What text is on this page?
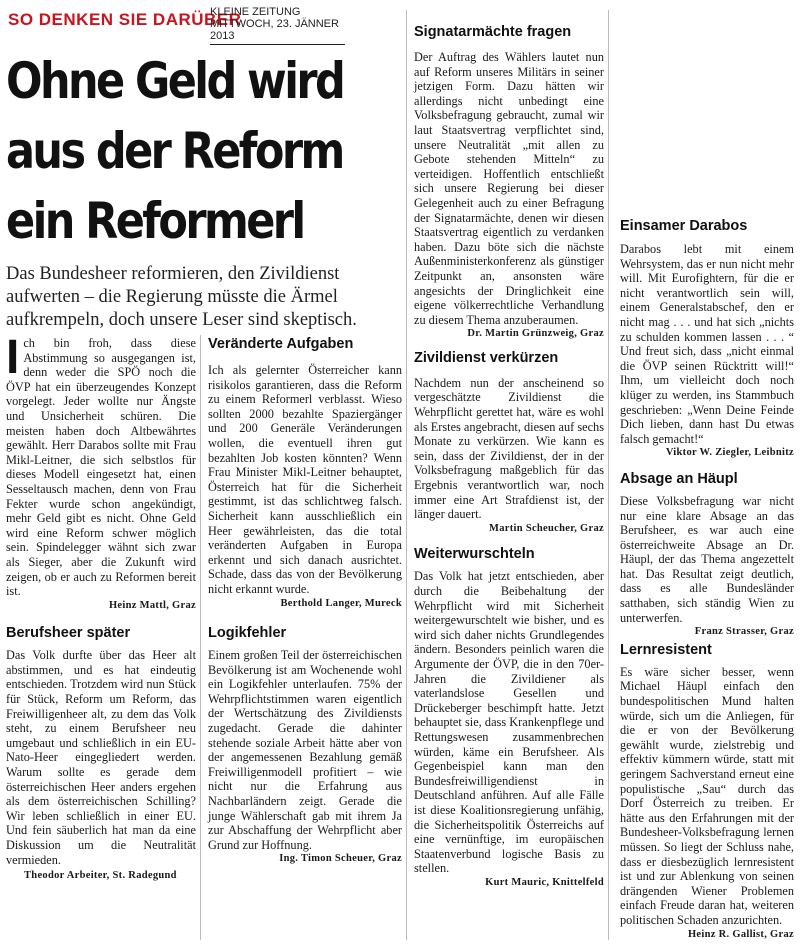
SO DENKEN SIE DARÜBER
KLEINE ZEITUNG
MITTWOCH, 23. JÄNNER 2013
Ohne Geld wird
aus der Reform
ein Reformerl
Das Bundesheer reformieren, den Zivildienst aufwerten – die Regierung müsste die Ärmel aufkrempeln, doch unsere Leser sind skeptisch.
I ch bin froh, dass diese Abstimmung so ausgegangen ist, denn weder die SPÖ noch die ÖVP hat ein überzeugendes Konzept vorgelegt. Jeder wollte nur Ängste und Unsicherheit schüren. Die meisten haben doch Altbewährtes gewählt. Herr Darabos sollte mit Frau Mikl-Leitner, die sich selbstlos für dieses Modell eingesetzt hat, einen Sesseltausch machen, denn von Frau Fekter wurde schon angekündigt, mehr Geld gibt es nicht. Ohne Geld wird eine Reform schwer möglich sein. Spindelegger wähnt sich zwar als Sieger, aber die Zukunft wird zeigen, ob er auch zu Reformen bereit ist.

Heinz Mattl, Graz
Berufsheer später

Das Volk durfte über das Heer alt abstimmen, und es hat eindeutig entschieden. Trotzdem wird nun Stück für Stück, Reform um Reform, das Freiwilligenheer alt, zu dem das Volk steht, zu einem Berufsheer neu umgebaut und schließlich in ein EU-Nato-Heer eingegliedert werden. Warum sollte es gerade dem österreichischen Heer anders ergehen als dem österreichischen Schilling? Wir leben schließlich in einer EU. Und fein säuberlich hat man da eine Diskussion um die Neutralität vermieden.

Theodor Arbeiter, St. Radegund
Veränderte Aufgaben

Ich als gelernter Österreicher kann risikolos garantieren, dass die Reform zu einem Reformerl verblasst. Wieso sollten 2000 bezahlte Spaziergänger und 200 Generäle Veränderungen wollen, die eventuell ihren gut bezahlten Job kosten könnten? Wenn Frau Minister Mikl-Leitner behauptet, Österreich hat für die Sicherheit gestimmt, ist das schlichtweg falsch. Sicherheit kann ausschließlich ein Heer gewährleisten, das die total veränderten Aufgaben in Europa erkennt und sich danach ausrichtet. Schade, dass das von der Bevölkerung nicht erkannt wurde.

Berthold Langer, Mureck
Logikfehler

Einem großen Teil der österreichischen Bevölkerung ist am Wochenende wohl ein Logikfehler unterlaufen. 75% der Wehrpflichtstimmen waren eigentlich der Wertschätzung des Zivildiensts zugedacht. Gerade die dahinter stehende soziale Arbeit hätte aber von der angemessenen Bezahlung gemäß Freiwilligenmodell profitiert – wie nicht nur die Erfahrung aus Nachbarländern zeigt. Gerade die junge Wählerschaft gab mit ihrem Ja zur Abschaffung der Wehrpflicht aber Grund zur Hoffnung.

Ing. Timon Scheuer, Graz
Signatarmächte fragen

Der Auftrag des Wählers lautet nun auf Reform unseres Militärs in seiner jetzigen Form. Dazu hätten wir allerdings nicht unbedingt eine Volksbefragung gebraucht, zumal wir laut Staatsvertrag verpflichtet sind, unsere Neutralität „mit allen zu Gebote stehenden Mitteln“ zu verteidigen. Hoffentlich entschließt sich unsere Regierung bei dieser Gelegenheit auch zu einer Befragung der Signatarmächte, denen wir diesen Staatsvertrag eigentlich zu verdanken haben. Dazu böte sich die nächste Außenministerkonferenz als günstiger Zeitpunkt an, ansonsten wäre angesichts der Dringlichkeit eine eigene völkerrechtliche Verhandlung zu diesem Thema anzuberaumen.

Dr. Martin Grünzweig, Graz
Zivildienst verkürzen

Nachdem nun der anscheinend so vergeschätzte Zivildienst die Wehrpflicht gerettet hat, wäre es wohl als Erstes angebracht, diesen auf sechs Monate zu verkürzen. Wie kann es sein, dass der Zivildienst, der in der Volksbefragung maßgeblich für das Ergebnis verantwortlich war, noch immer eine Art Strafdienst ist, der länger dauert.

Martin Scheucher, Graz
Weiterwurschteln

Das Volk hat jetzt entschieden, aber durch die Beibehaltung der Wehrpflicht wird mit Sicherheit weitergewurschtelt wie bisher, und es wird sich daher nichts Grundlegendes ändern. Besonders peinlich waren die Argumente der ÖVP, die in den 70er-Jahren die Zivildiener als vaterlandslose Gesellen und Drückeberger beschimpft hatte. Jetzt behauptet sie, dass Krankenpflege und Rettungswesen zusammenbrechen würden, käme ein Berufsheer. Als Gegenbeispiel kann man den Bundesfreiwilligendienst in Deutschland anführen. Auf alle Fälle ist diese Koalitionsregierung unfähig, die Sicherheitspolitik Österreichs auf eine vernünftige, im europäischen Staatenverbund logische Basis zu stellen.

Kurt Mauric, Knittelfeld
Einsamer Darabos

Darabos lebt mit einem Wehrsystem, das er nun nicht mehr will. Mit Eurofightern, für die er nicht verantwortlich sein will, einem Generalstabschef, den er nicht mag . . . und hat sich „nichts zu schulden kommen lassen . . . “ Und freut sich, dass „nicht einmal die ÖVP seinen Rücktritt will!“ Ihm, um vielleicht doch noch klüger zu werden, ins Stammbuch geschrieben: „Wenn Deine Feinde Dich lieben, dann hast Du etwas falsch gemacht!“

Viktor W. Ziegler, Leibnitz
Absage an Häupl

Diese Volksbefragung war nicht nur eine klare Absage an das Berufsheer, es war auch eine österreichweite Absage an Dr. Häupl, der das Thema angezettelt hat. Das Resultat zeigt deutlich, dass es alle Bundesländer satthaben, sich ständig Wien zu unterwerfen.

Franz Strasser, Graz
Lernresistent

Es wäre sicher besser, wenn Michael Häupl einfach den bundespolitischen Mund halten würde, sich um die Anliegen, für die er von der Bevölkerung gewählt wurde, zielstrebig und effektiv kümmern würde, statt mit geringem Sachverstand erneut eine populistische „Sau“ durch das Dorf Österreich zu treiben. Er hätte aus den Erfahrungen mit der Bundesheer-Volksbefragung lernen müssen. So liegt der Schluss nahe, dass er diesbezüglich lernresistent ist und zur Ablenkung von seinen drängenden Wiener Problemen einfach Freude daran hat, weiteren politischen Schaden anzurichten.

Heinz R. Gallist, Graz
